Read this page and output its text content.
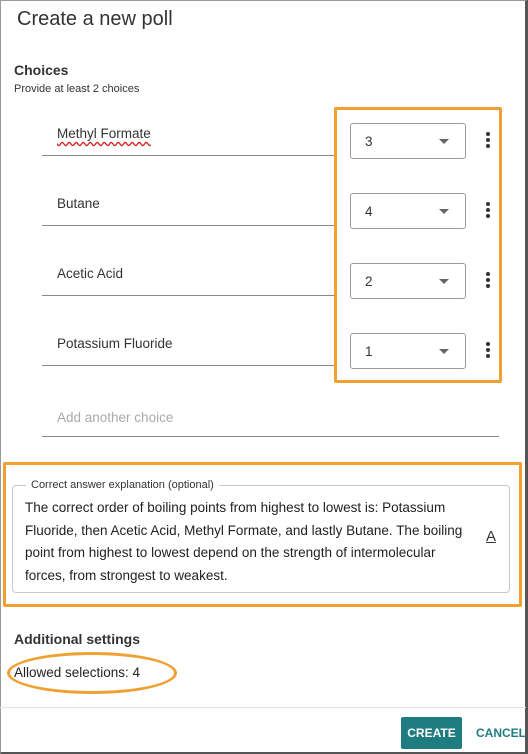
Create a new poll
Choices
Provide at least 2 choices
Methyl Formate
3
Butane
4
Acetic Acid
2
Potassium Fluoride
1
Add another choice
Correct answer explanation (optional)
The correct order of boiling points from highest to lowest is: Potassium Fluoride, then Acetic Acid, Methyl Formate, and lastly Butane. The boiling point from highest to lowest depend on the strength of intermolecular forces, from strongest to weakest.
A
Additional settings
Allowed selections: 4
CREATE	CANCEL
